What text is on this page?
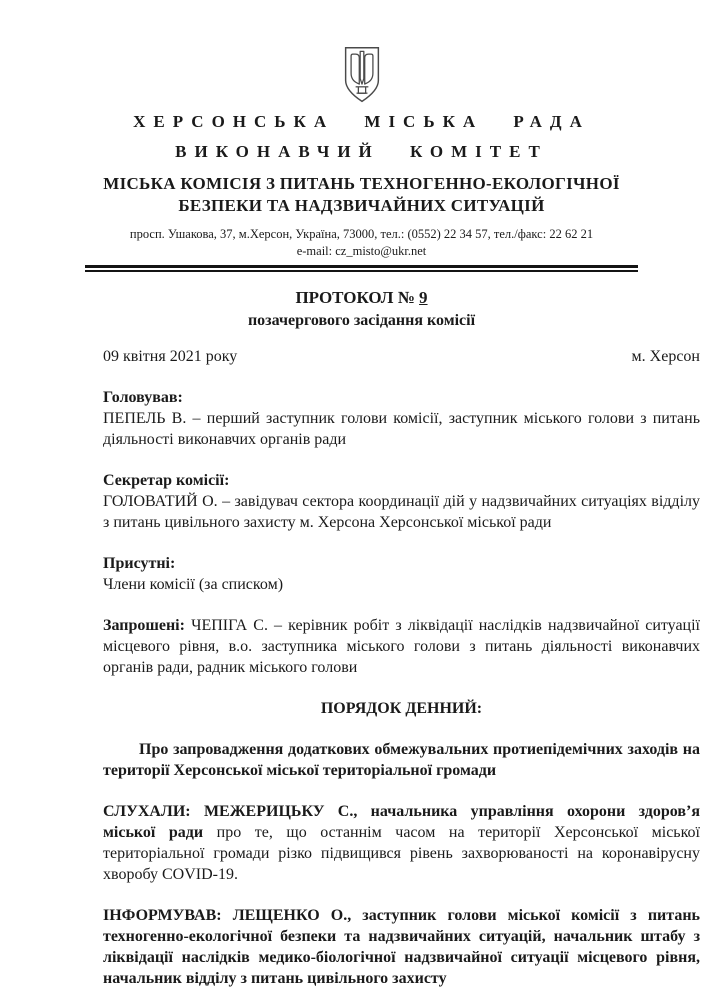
ХЕРСОНСЬКА МІСЬКА РАДА
ВИКОНАВЧИЙ КОМІТЕТ
МІСЬКА КОМІСІЯ З ПИТАНЬ ТЕХНОГЕННО-ЕКОЛОГІЧНОЇ
БЕЗПЕКИ ТА НАДЗВИЧАЙНИХ СИТУАЦІЙ
просп. Ушакова, 37, м.Херсон, Україна, 73000, тел.: (0552) 22 34 57, тел./факс: 22 62 21
e-mail: cz_misto@ukr.net
ПРОТОКОЛ № 9
позачергового засідання комісії
09 квітня 2021 року	м. Херсон

Головував:

ПЕПЕЛЬ В. – перший заступник голови комісії, заступник міського голови з питань діяльності виконавчих органів ради

Секретар комісії:

ГОЛОВАТИЙ О. – завідувач сектора координації дій у надзвичайних ситуаціях відділу з питань цивільного захисту м. Херсона Херсонської міської ради

Присутні:

Члени комісії (за списком)

Запрошені: ЧЕПІГА С. – керівник робіт з ліквідації наслідків надзвичайної ситуації місцевого рівня, в.о. заступника міського голови з питань діяльності виконавчих органів ради, радник міського голови

ПОРЯДОК ДЕННИЙ:

Про запровадження додаткових обмежувальних протиепідемічних заходів на території Херсонської міської територіальної громади

СЛУХАЛИ: МЕЖЕРИЦЬКУ С., начальника управління охорони здоров’я міської ради про те, що останнім часом на території Херсонської міської територіальної громади різко підвищився рівень захворюваності на коронавірусну хворобу COVID-19.

ІНФОРМУВАВ: ЛЕЩЕНКО О., заступник голови міської комісії з питань техногенно-екологічної безпеки та надзвичайних ситуацій, начальник штабу з ліквідації наслідків медико-біологічної надзвичайної ситуації місцевого рівня, начальник відділу з питань цивільного захисту
